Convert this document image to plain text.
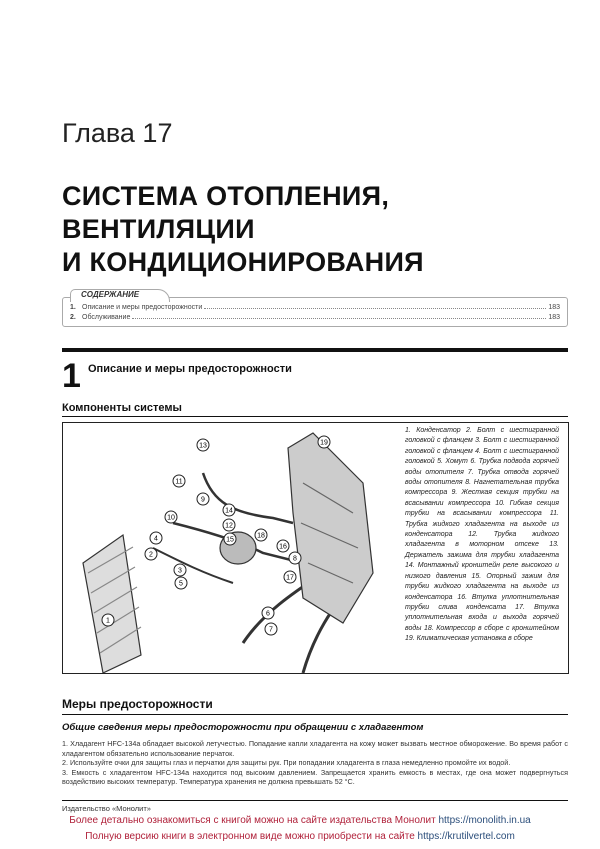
Глава 17
СИСТЕМА ОТОПЛЕНИЯ,
ВЕНТИЛЯЦИИ
И КОНДИЦИОНИРОВАНИЯ
СОДЕРЖАНИЕ
1. Описание и меры предосторожности	183
2. Обслуживание	183
1 Описание и меры предосторожности
Компоненты системы
1
2
3
4
5
6
7
8
9
10
11
12
13
14
15
16
17
18
19
1. Конденсатор 2. Болт с шестигранной головкой с фланцем 3. Болт с шестигранной головкой с фланцем 4. Болт с шестигранной головкой 5. Хомут 6. Трубка подвода горячей воды отопителя 7. Трубка отвода горячей воды отопителя 8. Нагнетательная трубка компрессора 9. Жесткая секция трубки на всасывании компрессора 10. Гибкая секция трубки на всасывании компрессора 11. Трубка жидкого хладагента на выходе из конденсатора 12. Трубка жидкого хладагента в моторном отсеке 13. Держатель зажима для трубки хладагента 14. Монтажный кронштейн реле высокого и низкого давления 15. Опорный зажим для трубки жидкого хладагента на выходе из конденсатора 16. Втулка уплотнительная трубки слива конденсата 17. Втулка уплотнительная входа и выхода горячей воды 18. Компрессор в сборе с кронштейном 19. Климатическая установка в сборе
Меры предосторожности
Общие сведения меры предосторожности при обращении с хладагентом
1. Хладагент HFC-134a обладает высокой летучестью. Попадание капли хладагента на кожу может вызвать местное обморожение. Во время работ с хладагентом обязательно использование перчаток.
2. Используйте очки для защиты глаз и перчатки для защиты рук. При попадании хладагента в глаза немедленно промойте их водой.
3. Емкость с хладагентом HFC-134a находится под высоким давлением. Запрещается хранить емкость в местах, где она может подвергнуться воздействию высоких температур. Температура хранения не должна превышать 52 °C.
Издательство «Монолит»
Более детально ознакомиться с книгой можно на сайте издательства Монолит https://monolith.in.ua
Полную версию книги в электронном виде можно приобрести на сайте https://krutilvertel.com
